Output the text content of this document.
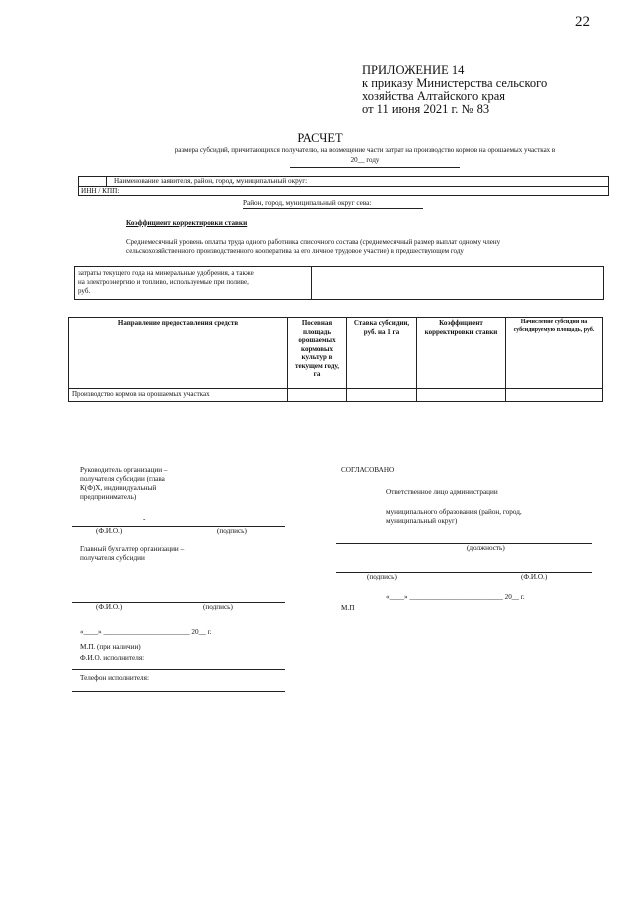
22
ПРИЛОЖЕНИЕ 14
к приказу Министерства сельского
хозяйства Алтайского края
от 11 июня 2021 г. № 83
РАСЧЕТ
размера субсидий, причитающихся получателю, на возмещение части затрат на производство кормов на орошаемых участках в
20__ году
Наименование заявителя, район, город, муниципальный округ:
ИНН / КПП:
Район, город, муниципальный округ сева:
Коэффициент корректировки ставки
Среднемесячный уровень оплаты труда одного работника списочного состава (среднемесячный размер выплат одному члену
сельскохозяйственного производственного кооператива за его личное трудовое участие) в предшествующем году
затраты текущего года на минеральные удобрения, а также
на электроэнергию и топливо, используемые при поливе,
руб.
Направление предоставления средств	Посевная площадь орошаемых кормовых культур в текущем году, га	Ставка субсидии, руб. на 1 га	Коэффициент корректировки ставки	Начисление субсидии на субсидируемую площадь, руб.
Производство кормов на орошаемых участках				
Руководитель организации –
получателя субсидии (глава
К(Ф)Х, индивидуальный
предприниматель)
-
(Ф.И.О.)	(подпись)
Главный бухгалтер организации –
получателя субсидии
(Ф.И.О.)	(подпись)
«____» ________________________ 20__ г.
М.П. (при наличии)
Ф.И.О. исполнителя:
Телефон исполнителя:
СОГЛАСОВАНО
Ответственное лицо администрации
муниципального образования (район, город,
муниципальный округ)
(должность)
(подпись)	(Ф.И.О.)
«____» __________________________ 20__ г.
М.П
